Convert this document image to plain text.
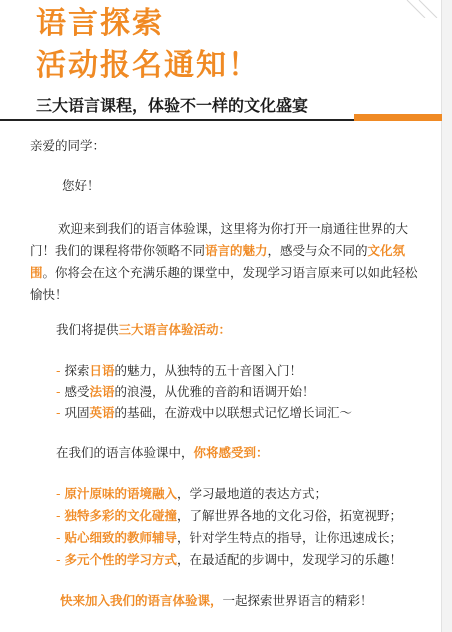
语言探索
活动报名通知！
三大语言课程，体验不一样的文化盛宴
亲爱的同学：
您好！
欢迎来到我们的语言体验课，这里将为你打开一扇通往世界的大门！我们的课程将带你领略不同语言的魅力，感受与众不同的文化氛围。你将会在这个充满乐趣的课堂中，发现学习语言原来可以如此轻松愉快！
我们将提供三大语言体验活动：
- 探索日语的魅力，从独特的五十音图入门！
- 感受法语的浪漫，从优雅的音韵和语调开始！
- 巩固英语的基础，在游戏中以联想式记忆增长词汇～
在我们的语言体验课中，你将感受到：
- 原汁原味的语境融入，学习最地道的表达方式；
- 独特多彩的文化碰撞，了解世界各地的文化习俗，拓宽视野；
- 贴心细致的教师辅导，针对学生特点的指导，让你迅速成长；
- 多元个性的学习方式，在最适配的步调中，发现学习的乐趣！
快来加入我们的语言体验课，一起探索世界语言的精彩！
